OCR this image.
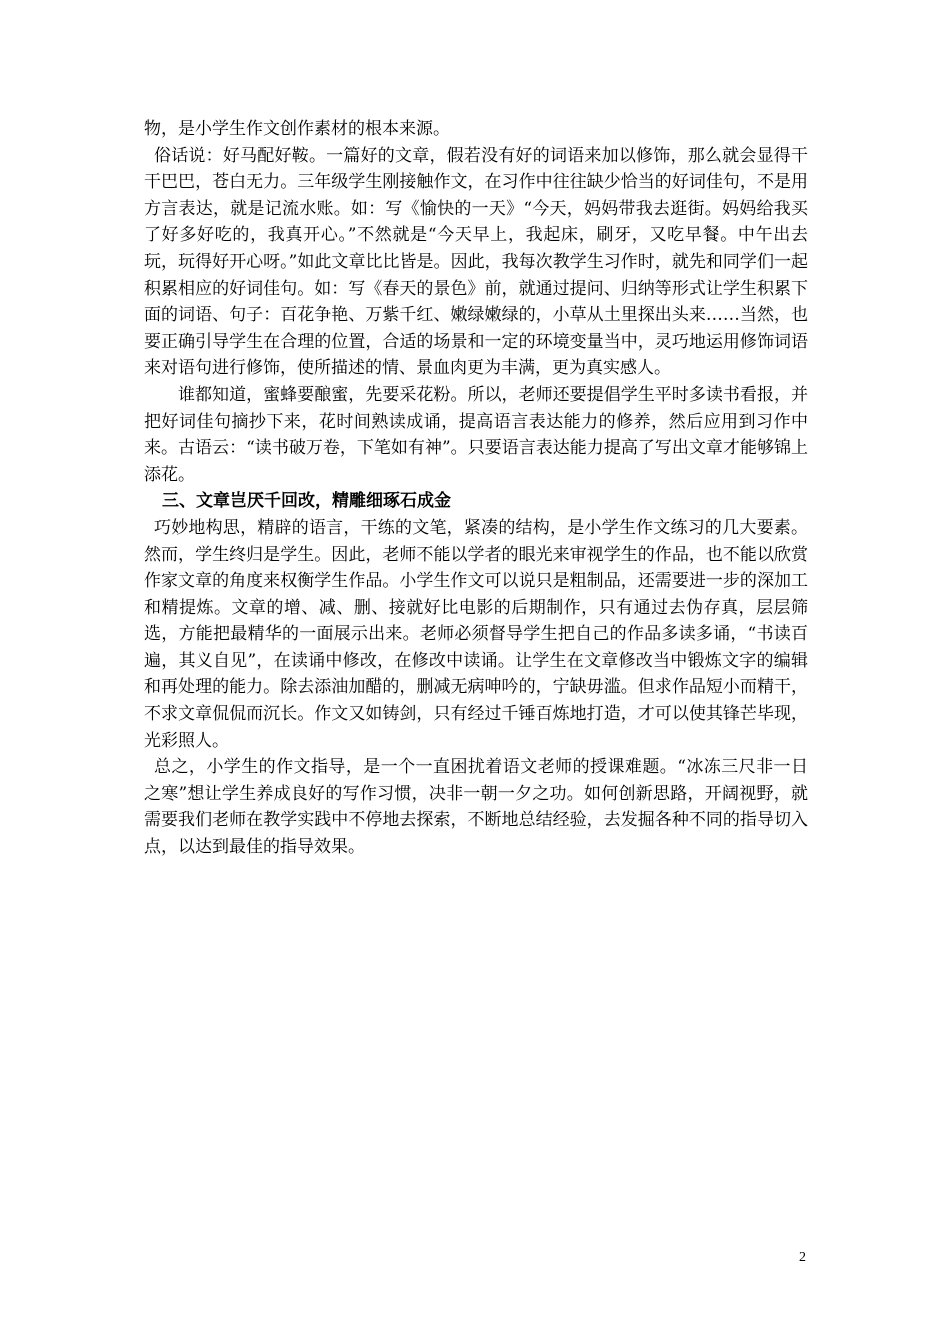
物，是小学生作文创作素材的根本来源。

俗话说：好马配好鞍。一篇好的文章，假若没有好的词语来加以修饰，那么就会显得干干巴巴，苍白无力。三年级学生刚接触作文，在习作中往往缺少恰当的好词佳句，不是用方言表达，就是记流水账。如：写《愉快的一天》“今天，妈妈带我去逛街。妈妈给我买了好多好吃的，我真开心。”不然就是“今天早上，我起床，刷牙，又吃早餐。中午出去玩，玩得好开心呀。”如此文章比比皆是。因此，我每次教学生习作时，就先和同学们一起积累相应的好词佳句。如：写《春天的景色》前，就通过提问、归纳等形式让学生积累下面的词语、句子：百花争艳、万紫千红、嫩绿嫩绿的，小草从土里探出头来……当然，也要正确引导学生在合理的位置，合适的场景和一定的环境变量当中，灵巧地运用修饰词语来对语句进行修饰，使所描述的情、景血肉更为丰满，更为真实感人。

谁都知道，蜜蜂要酿蜜，先要采花粉。所以，老师还要提倡学生平时多读书看报，并把好词佳句摘抄下来，花时间熟读成诵，提高语言表达能力的修养，然后应用到习作中来。古语云：“读书破万卷，下笔如有神”。只要语言表达能力提高了写出文章才能够锦上添花。

三、文章岂厌千回改，精雕细琢石成金

巧妙地构思，精辟的语言，干练的文笔，紧凑的结构，是小学生作文练习的几大要素。然而，学生终归是学生。因此，老师不能以学者的眼光来审视学生的作品，也不能以欣赏作家文章的角度来权衡学生作品。小学生作文可以说只是粗制品，还需要进一步的深加工和精提炼。文章的增、减、删、接就好比电影的后期制作，只有通过去伪存真，层层筛选，方能把最精华的一面展示出来。老师必须督导学生把自己的作品多读多诵，“书读百遍，其义自见”，在读诵中修改，在修改中读诵。让学生在文章修改当中锻炼文字的编辑和再处理的能力。除去添油加醋的，删减无病呻吟的，宁缺毋滥。但求作品短小而精干，不求文章侃侃而沉长。作文又如铸剑，只有经过千锤百炼地打造，才可以使其锋芒毕现，光彩照人。

总之，小学生的作文指导，是一个一直困扰着语文老师的授课难题。“冰冻三尺非一日之寒”想让学生养成良好的写作习惯，决非一朝一夕之功。如何创新思路，开阔视野，就需要我们老师在教学实践中不停地去探索，不断地总结经验，去发掘各种不同的指导切入点，以达到最佳的指导效果。

2
